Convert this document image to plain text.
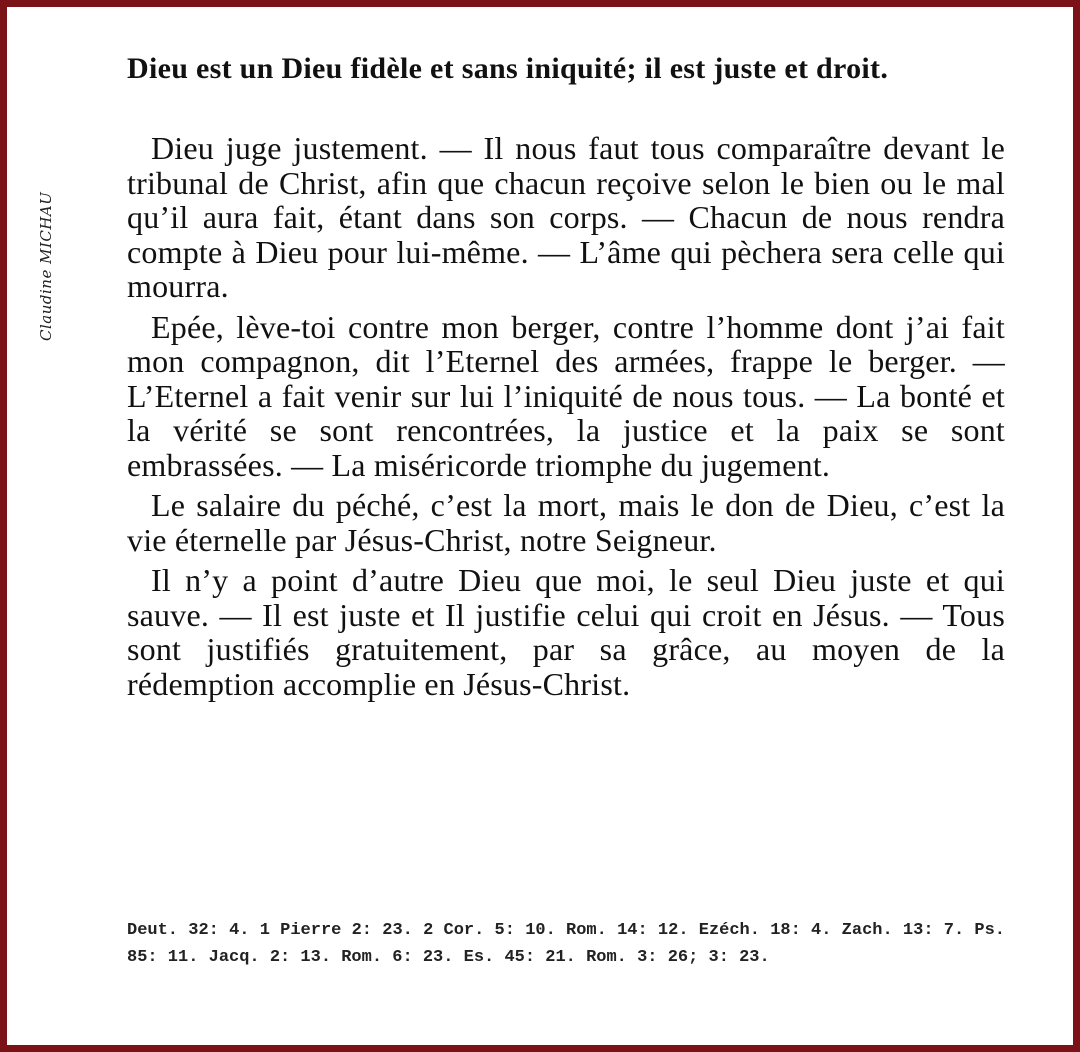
Claudine MICHAU

Dieu est un Dieu fidèle et sans iniquité; il est juste et droit.

Dieu juge justement. — Il nous faut tous comparaître devant le tribunal de Christ, afin que chacun reçoive selon le bien ou le mal qu’il aura fait, étant dans son corps. — Chacun de nous rendra compte à Dieu pour lui-même. — L’âme qui pèchera sera celle qui mourra.

Epée, lève-toi contre mon berger, contre l’homme dont j’ai fait mon compagnon, dit l’Eternel des armées, frappe le berger. — L’Eternel a fait venir sur lui l’iniquité de nous tous. — La bonté et la vérité se sont rencontrées, la justice et la paix se sont embrassées. — La miséricorde triomphe du jugement.

Le salaire du péché, c’est la mort, mais le don de Dieu, c’est la vie éternelle par Jésus-Christ, notre Seigneur.

Il n’y a point d’autre Dieu que moi, le seul Dieu juste et qui sauve. — Il est juste et Il justifie celui qui croit en Jésus. — Tous sont justifiés gratuitement, par sa grâce, au moyen de la rédemption accomplie en Jésus-Christ.

Deut. 32: 4. 1 Pierre 2: 23. 2 Cor. 5: 10. Rom. 14: 12. Ezéch. 18: 4. Zach. 13: 7. Ps. 85: 11. Jacq. 2: 13. Rom. 6: 23. Es. 45: 21. Rom. 3: 26; 3: 23.
